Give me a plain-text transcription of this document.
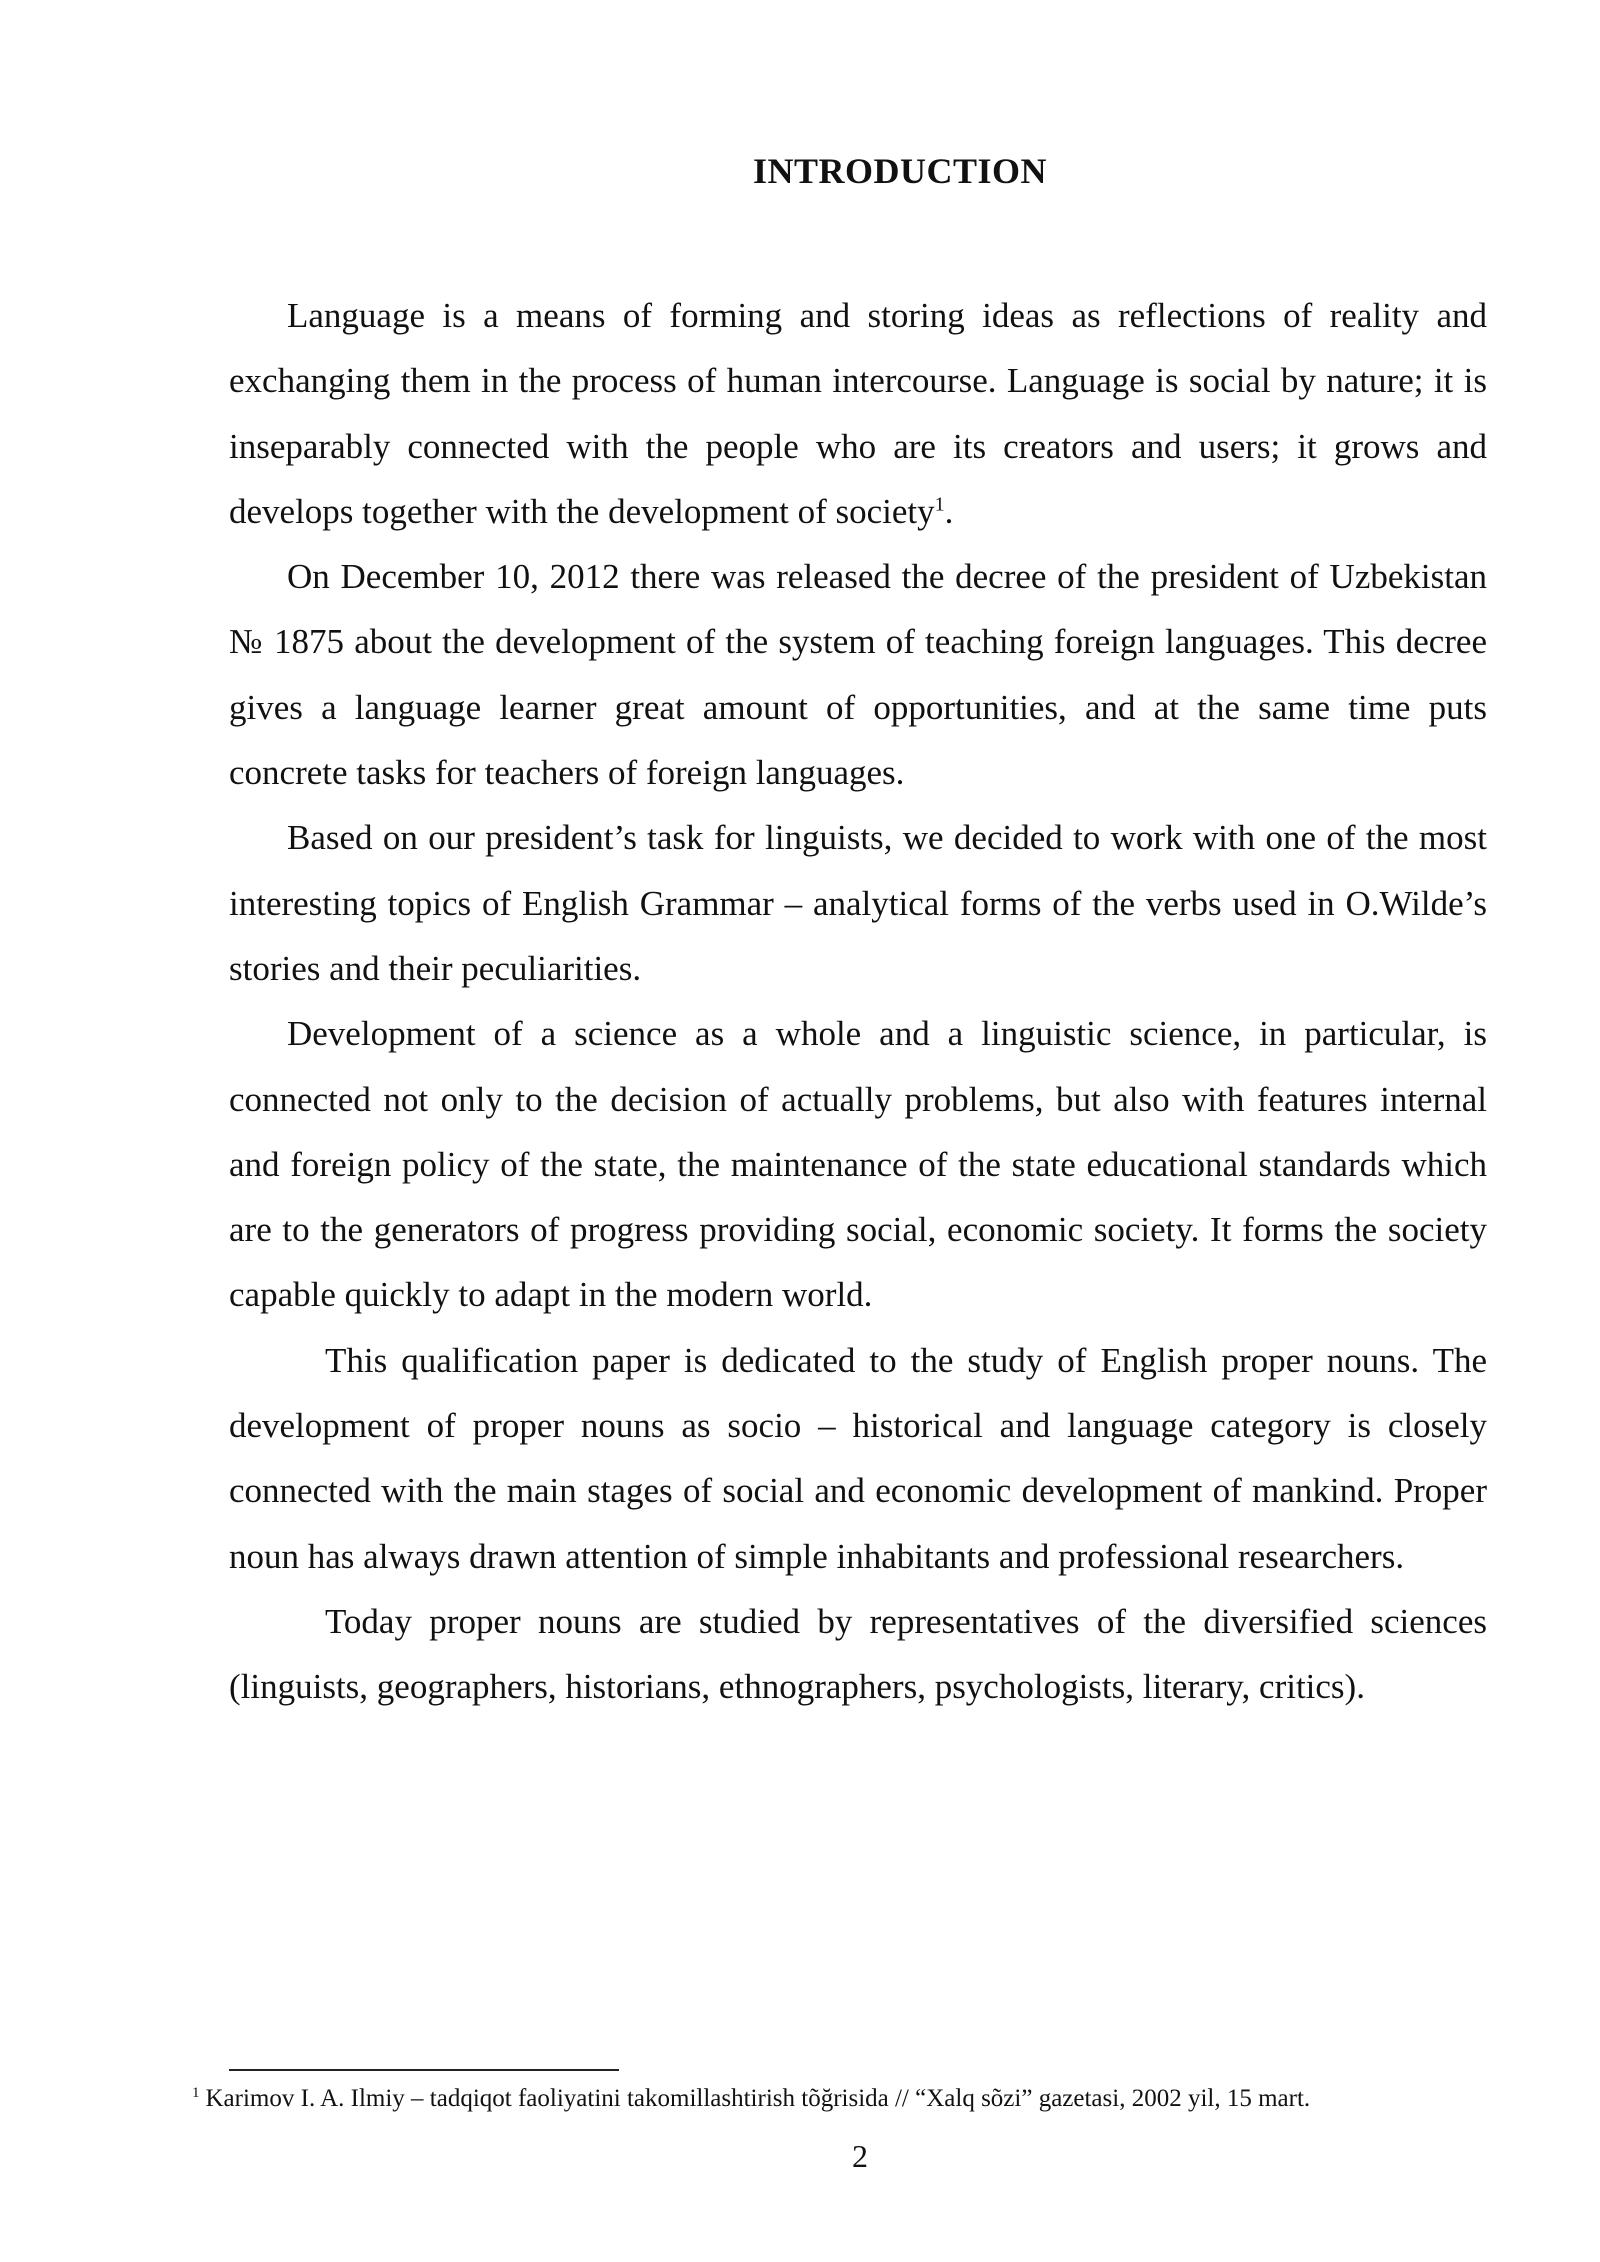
INTRODUCTION

Language is a means of forming and storing ideas as reflections of reality and exchanging them in the process of human intercourse. Language is social by nature; it is inseparably connected with the people who are its creators and users; it grows and develops together with the development of society$^1$.

On December 10, 2012 there was released the decree of the president of Uzbekistan № 1875 about the development of the system of teaching foreign languages. This decree gives a language learner great amount of opportunities, and at the same time puts concrete tasks for teachers of foreign languages.

Based on our president’s task for linguists, we decided to work with one of the most interesting topics of English Grammar – analytical forms of the verbs used in O.Wilde’s stories and their peculiarities.

Development of a science as a whole and a linguistic science, in particular, is connected not only to the decision of actually problems, but also with features internal and foreign policy of the state, the maintenance of the state educational standards which are to the generators of progress providing social, economic society. It forms the society capable quickly to adapt in the modern world.

This qualification paper is dedicated to the study of English proper nouns. The development of proper nouns as socio – historical and language category is closely connected with the main stages of social and economic development of mankind. Proper noun has always drawn attention of simple inhabitants and professional researchers.

Today proper nouns are studied by representatives of the diversified sciences (linguists, geographers, historians, ethnographers, psychologists, literary, critics).

$^1$ Karimov I. A. Ilmiy – tadqiqot faoliyatini takomillashtirish tõğrisida // “Xalq sõzi” gazetasi, 2002 yil, 15 mart.
2
